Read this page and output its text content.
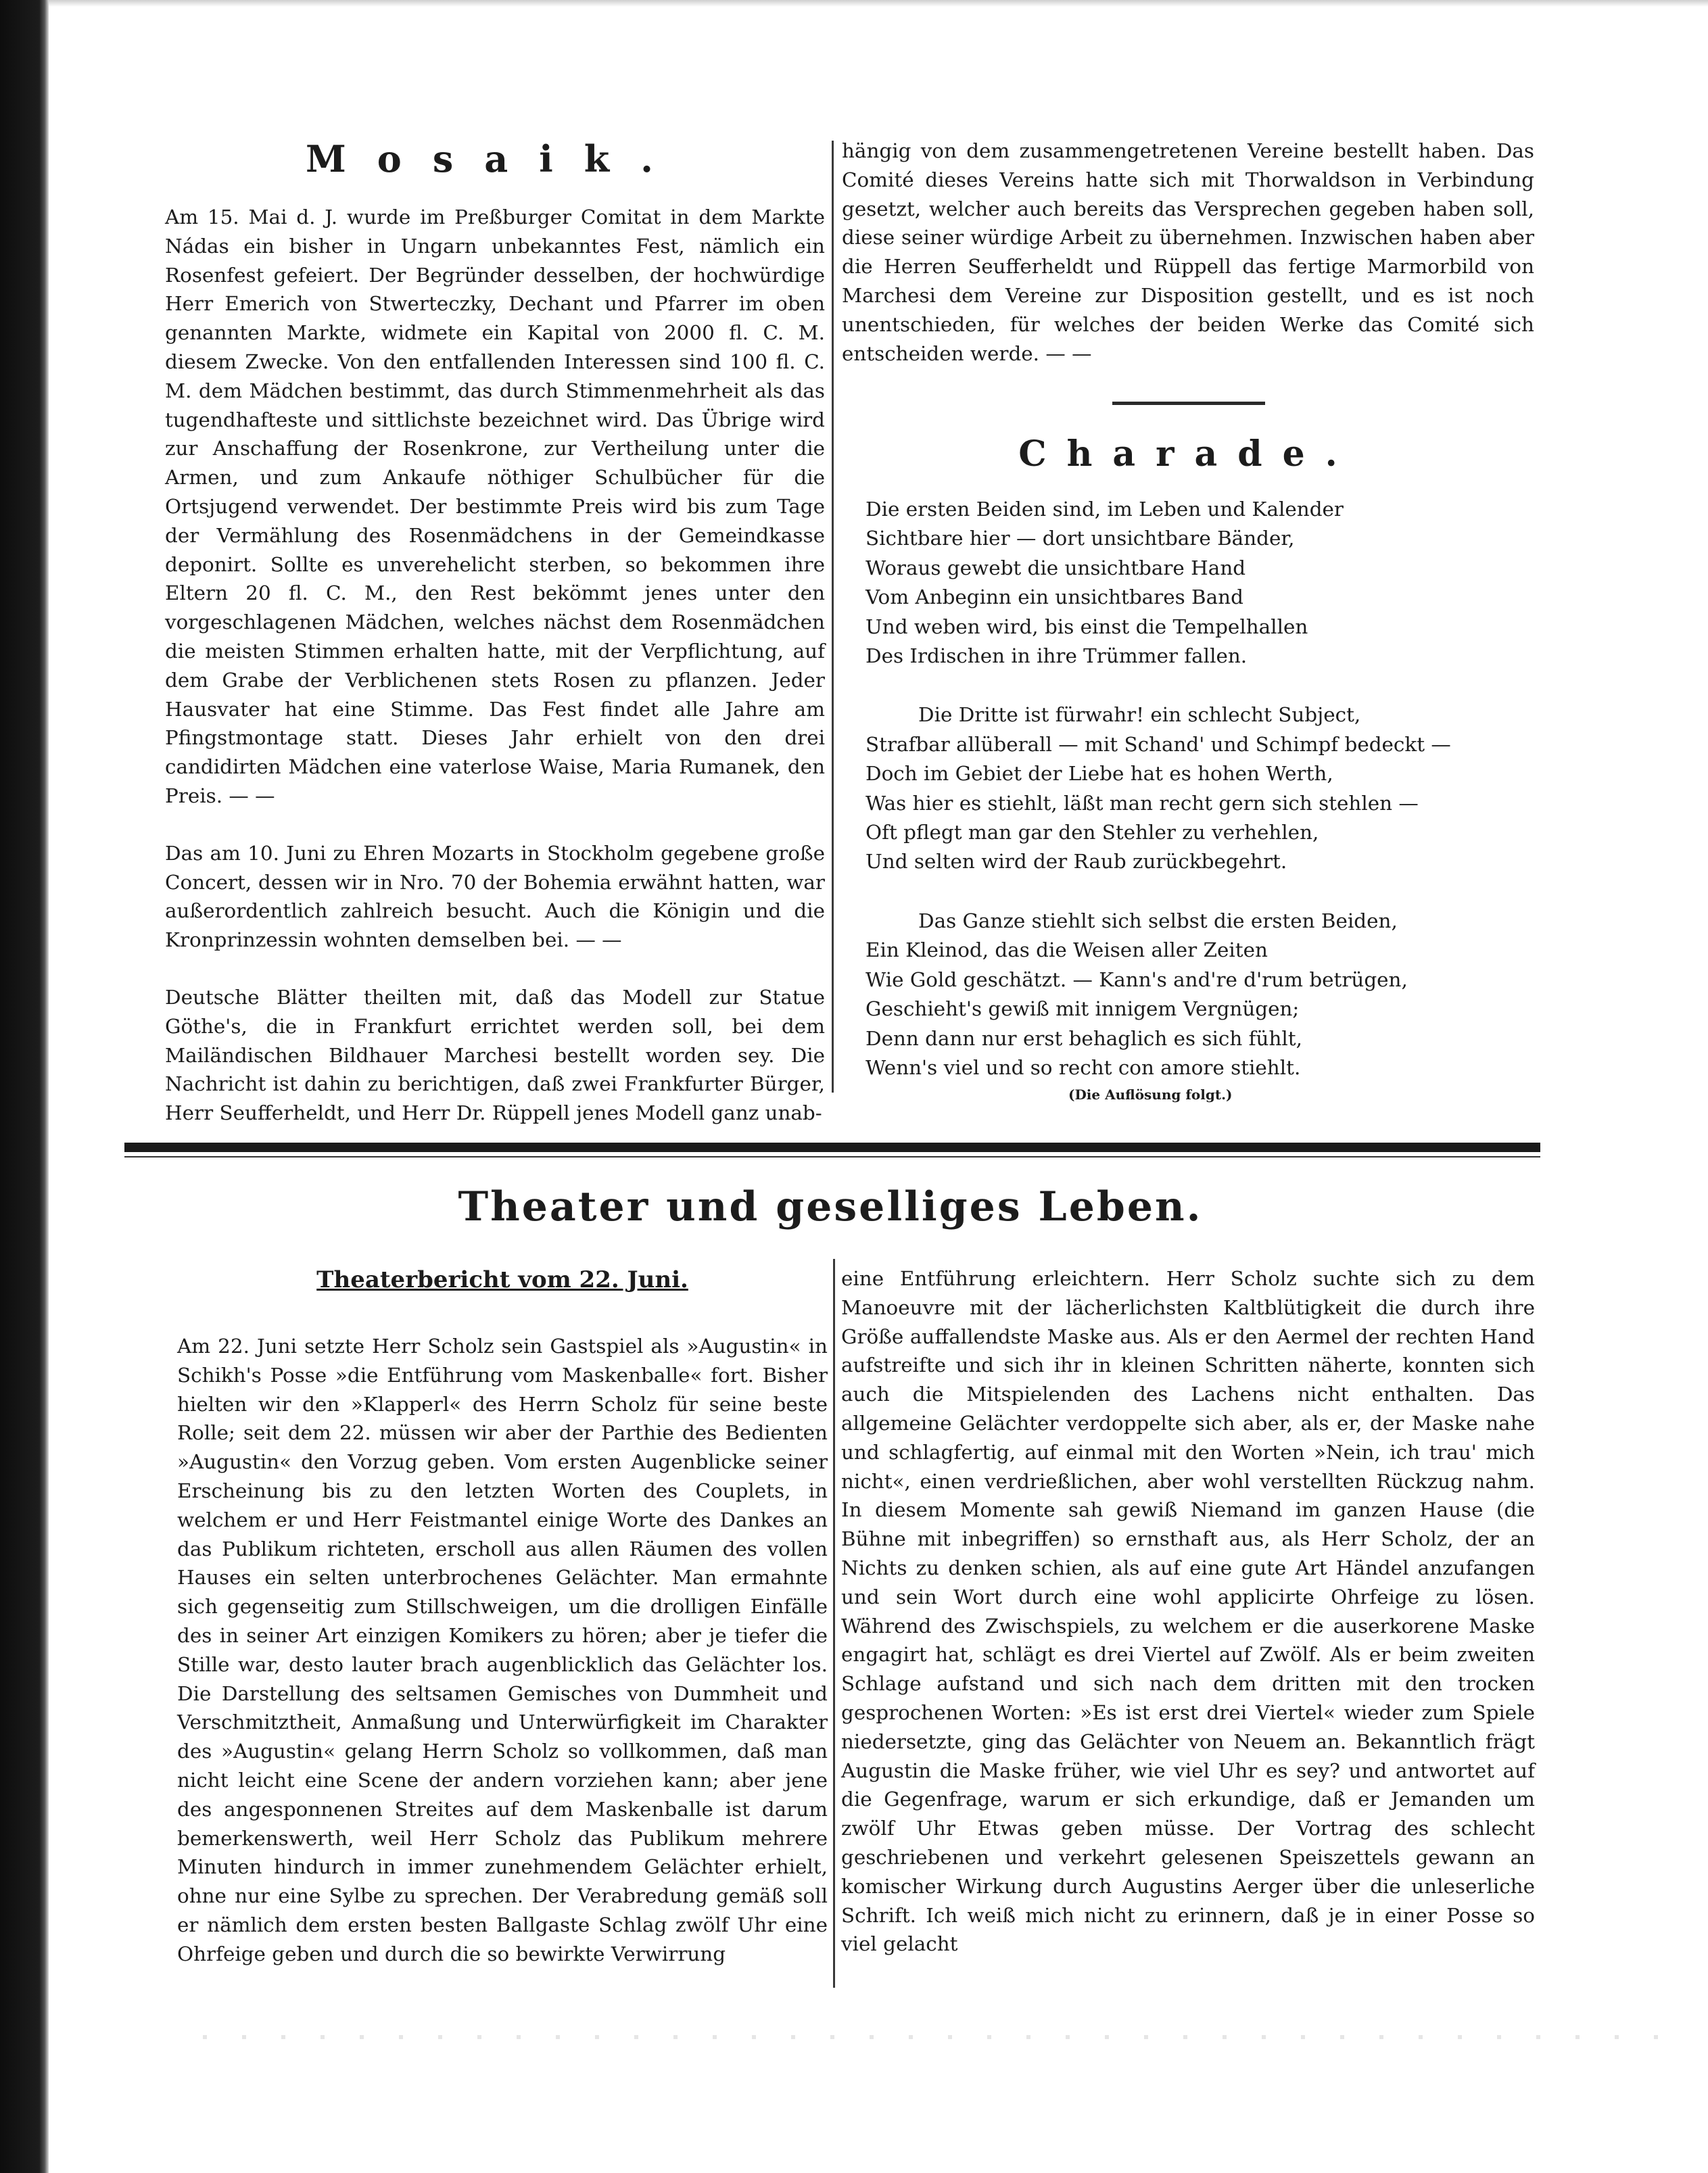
Mosaik.

Am 15. Mai d. J. wurde im Preßburger Comitat in dem Markte Nádas ein bisher in Ungarn unbekanntes Fest, nämlich ein Rosenfest gefeiert. Der Begründer desselben, der hochwürdige Herr Emerich von Stwerteczky, Dechant und Pfarrer im oben genannten Markte, widmete ein Kapital von 2000 fl. C. M. diesem Zwecke. Von den entfallenden Interessen sind 100 fl. C. M. dem Mädchen bestimmt, das durch Stimmenmehrheit als das tugendhafteste und sittlichste bezeichnet wird. Das Übrige wird zur Anschaffung der Rosenkrone, zur Vertheilung unter die Armen, und zum Ankaufe nöthiger Schulbücher für die Ortsjugend verwendet. Der bestimmte Preis wird bis zum Tage der Vermählung des Rosenmädchens in der Gemeindkasse deponirt. Sollte es unverehelicht sterben, so bekommen ihre Eltern 20 fl. C. M., den Rest bekömmt jenes unter den vorgeschlagenen Mädchen, welches nächst dem Rosenmädchen die meisten Stimmen erhalten hatte, mit der Verpflichtung, auf dem Grabe der Verblichenen stets Rosen zu pflanzen. Jeder Hausvater hat eine Stimme. Das Fest findet alle Jahre am Pfingstmontage statt. Dieses Jahr erhielt von den drei candidirten Mädchen eine vaterlose Waise, Maria Rumanek, den Preis. — —

Das am 10. Juni zu Ehren Mozarts in Stockholm gegebene große Concert, dessen wir in Nro. 70 der Bohemia erwähnt hatten, war außerordentlich zahlreich besucht. Auch die Königin und die Kronprinzessin wohnten demselben bei. — —

Deutsche Blätter theilten mit, daß das Modell zur Statue Göthe's, die in Frankfurt errichtet werden soll, bei dem Mailändischen Bildhauer Marchesi bestellt worden sey. Die Nachricht ist dahin zu berichtigen, daß zwei Frankfurter Bürger, Herr Seufferheldt, und Herr Dr. Rüppell jenes Modell ganz unab-

hängig von dem zusammengetretenen Vereine bestellt haben. Das Comité dieses Vereins hatte sich mit Thorwaldson in Verbindung gesetzt, welcher auch bereits das Versprechen gegeben haben soll, diese seiner würdige Arbeit zu übernehmen. Inzwischen haben aber die Herren Seufferheldt und Rüppell das fertige Marmorbild von Marchesi dem Vereine zur Disposition gestellt, und es ist noch unentschieden, für welches der beiden Werke das Comité sich entscheiden werde. — —

Charade.
Die ersten Beiden sind, im Leben und Kalender
Sichtbare hier — dort unsichtbare Bänder,
Woraus gewebt die unsichtbare Hand
Vom Anbeginn ein unsichtbares Band
Und weben wird, bis einst die Tempelhallen
Des Irdischen in ihre Trümmer fallen.
Die Dritte ist fürwahr! ein schlecht Subject,
Strafbar allüberall — mit Schand' und Schimpf bedeckt —
Doch im Gebiet der Liebe hat es hohen Werth,
Was hier es stiehlt, läßt man recht gern sich stehlen —
Oft pflegt man gar den Stehler zu verhehlen,
Und selten wird der Raub zurückbegehrt.
Das Ganze stiehlt sich selbst die ersten Beiden,
Ein Kleinod, das die Weisen aller Zeiten
Wie Gold geschätzt. — Kann's and're d'rum betrügen,
Geschieht's gewiß mit innigem Vergnügen;
Denn dann nur erst behaglich es sich fühlt,
Wenn's viel und so recht con amore stiehlt.

(Die Auflösung folgt.)

Theater und geselliges Leben.
Theaterbericht vom 22. Juni.

Am 22. Juni setzte Herr Scholz sein Gastspiel als »Augustin« in Schikh's Posse »die Entführung vom Maskenballe« fort. Bisher hielten wir den »Klapperl« des Herrn Scholz für seine beste Rolle; seit dem 22. müssen wir aber der Parthie des Bedienten »Augustin« den Vorzug geben. Vom ersten Augenblicke seiner Erscheinung bis zu den letzten Worten des Couplets, in welchem er und Herr Feistmantel einige Worte des Dankes an das Publikum richteten, erscholl aus allen Räumen des vollen Hauses ein selten unterbrochenes Gelächter. Man ermahnte sich gegenseitig zum Stillschweigen, um die drolligen Einfälle des in seiner Art einzigen Komikers zu hören; aber je tiefer die Stille war, desto lauter brach augenblicklich das Gelächter los. Die Darstellung des seltsamen Gemisches von Dummheit und Verschmitztheit, Anmaßung und Unterwürfigkeit im Charakter des »Augustin« gelang Herrn Scholz so vollkommen, daß man nicht leicht eine Scene der andern vorziehen kann; aber jene des angesponnenen Streites auf dem Maskenballe ist darum bemerkenswerth, weil Herr Scholz das Publikum mehrere Minuten hindurch in immer zunehmendem Gelächter erhielt, ohne nur eine Sylbe zu sprechen. Der Verabredung gemäß soll er nämlich dem ersten besten Ballgaste Schlag zwölf Uhr eine Ohrfeige geben und durch die so bewirkte Verwirrung

eine Entführung erleichtern. Herr Scholz suchte sich zu dem Manoeuvre mit der lächerlichsten Kaltblütigkeit die durch ihre Größe auffallendste Maske aus. Als er den Aermel der rechten Hand aufstreifte und sich ihr in kleinen Schritten näherte, konnten sich auch die Mitspielenden des Lachens nicht enthalten. Das allgemeine Gelächter verdoppelte sich aber, als er, der Maske nahe und schlagfertig, auf einmal mit den Worten »Nein, ich trau' mich nicht«, einen verdrießlichen, aber wohl verstellten Rückzug nahm. In diesem Momente sah gewiß Niemand im ganzen Hause (die Bühne mit inbegriffen) so ernsthaft aus, als Herr Scholz, der an Nichts zu denken schien, als auf eine gute Art Händel anzufangen und sein Wort durch eine wohl applicirte Ohrfeige zu lösen. Während des Zwischspiels, zu welchem er die auserkorene Maske engagirt hat, schlägt es drei Viertel auf Zwölf. Als er beim zweiten Schlage aufstand und sich nach dem dritten mit den trocken gesprochenen Worten: »Es ist erst drei Viertel« wieder zum Spiele niedersetzte, ging das Gelächter von Neuem an. Bekanntlich frägt Augustin die Maske früher, wie viel Uhr es sey? und antwortet auf die Gegenfrage, warum er sich erkundige, daß er Jemanden um zwölf Uhr Etwas geben müsse. Der Vortrag des schlecht geschriebenen und verkehrt gelesenen Speiszettels gewann an komischer Wirkung durch Augustins Aerger über die unleserliche Schrift. Ich weiß mich nicht zu erinnern, daß je in einer Posse so viel gelacht
